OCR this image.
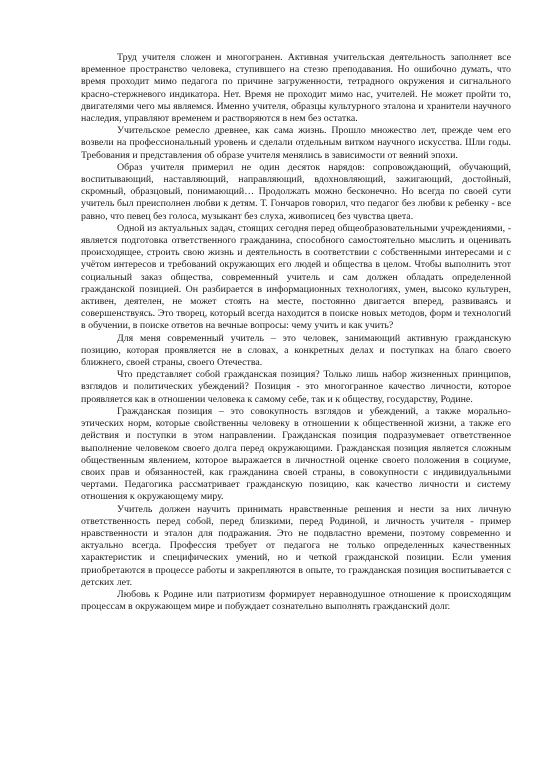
Труд учителя сложен и многогранен. Активная учительская деятельность заполняет все временное пространство человека, ступившего на стезю преподавания. Но ошибочно думать, что время проходит мимо педагога по причине загруженности, тетрадного окружения и сигнального красно-стержневого индикатора. Нет. Время не проходит мимо нас, учителей. Не может пройти то, двигателями чего мы являемся. Именно учителя, образцы культурного эталона и хранители научного наследия, управляют временем и растворяются в нем без остатка.

Учительское ремесло древнее, как сама жизнь. Прошло множество лет, прежде чем его возвели на профессиональный уровень и сделали отдельным витком научного искусства. Шли годы. Требования и представления об образе учителя менялись в зависимости от веяний эпохи.

Образ учителя примерил не один десяток нарядов: сопровождающий, обучающий, воспитывающий, наставляющий, направляющий, вдохновляющий, зажигающий, достойный, скромный, образцовый, понимающий… Продолжать можно бесконечно. Но всегда по своей сути учитель был преисполнен любви к детям. Т. Гончаров говорил, что педагог без любви к ребенку - все равно, что певец без голоса, музыкант без слуха, живописец без чувства цвета.

Одной из актуальных задач, стоящих сегодня перед общеобразовательными учреждениями, - является подготовка ответственного гражданина, способного самостоятельно мыслить и оценивать происходящее, строить свою жизнь и деятельность в соответствии с собственными интересами и с учётом интересов и требований окружающих его людей и общества в целом. Чтобы выполнить этот социальный заказ общества, современный учитель и сам должен обладать определенной гражданской позицией. Он разбирается в информационных технологиях, умен, высоко культурен, активен, деятелен, не может стоять на месте, постоянно двигается вперед, развиваясь и совершенствуясь. Это творец, который всегда находится в поиске новых методов, форм и технологий в обучении, в поиске ответов на вечные вопросы: чему учить и как учить?

Для меня современный учитель – это человек, занимающий активную гражданскую позицию, которая проявляется не в словах, а конкретных делах и поступках на благо своего ближнего, своей страны, своего Отечества.

Что представляет собой гражданская позиция? Только лишь набор жизненных принципов, взглядов и политических убеждений? Позиция - это многогранное качество личности, которое проявляется как в отношении человека к самому себе, так и к обществу, государству, Родине.

Гражданская позиция – это совокупность взглядов и убеждений, а также морально-этических норм, которые свойственны человеку в отношении к общественной жизни, а также его действия и поступки в этом направлении. Гражданская позиция подразумевает ответственное выполнение человеком своего долга перед окружающими. Гражданская позиция является сложным общественным явлением, которое выражается в личностной оценке своего положения в социуме, своих прав и обязанностей, как гражданина своей страны, в совокупности с индивидуальными чертами. Педагогика рассматривает гражданскую позицию, как качество личности и систему отношения к окружающему миру.

Учитель должен научить принимать нравственные решения и нести за них личную ответственность перед собой, перед близкими, перед Родиной, и личность учителя - пример нравственности и эталон для подражания. Это не подвластно времени, поэтому современно и актуально всегда. Профессия требует от педагога не только определенных качественных характеристик и специфических умений, но и четкой гражданской позиции. Если умения приобретаются в процессе работы и закрепляются в опыте, то гражданская позиция воспитывается с детских лет.

Любовь к Родине или патриотизм формирует неравнодушное отношение к происходящим процессам в окружающем мире и побуждает сознательно выполнять гражданский долг.
